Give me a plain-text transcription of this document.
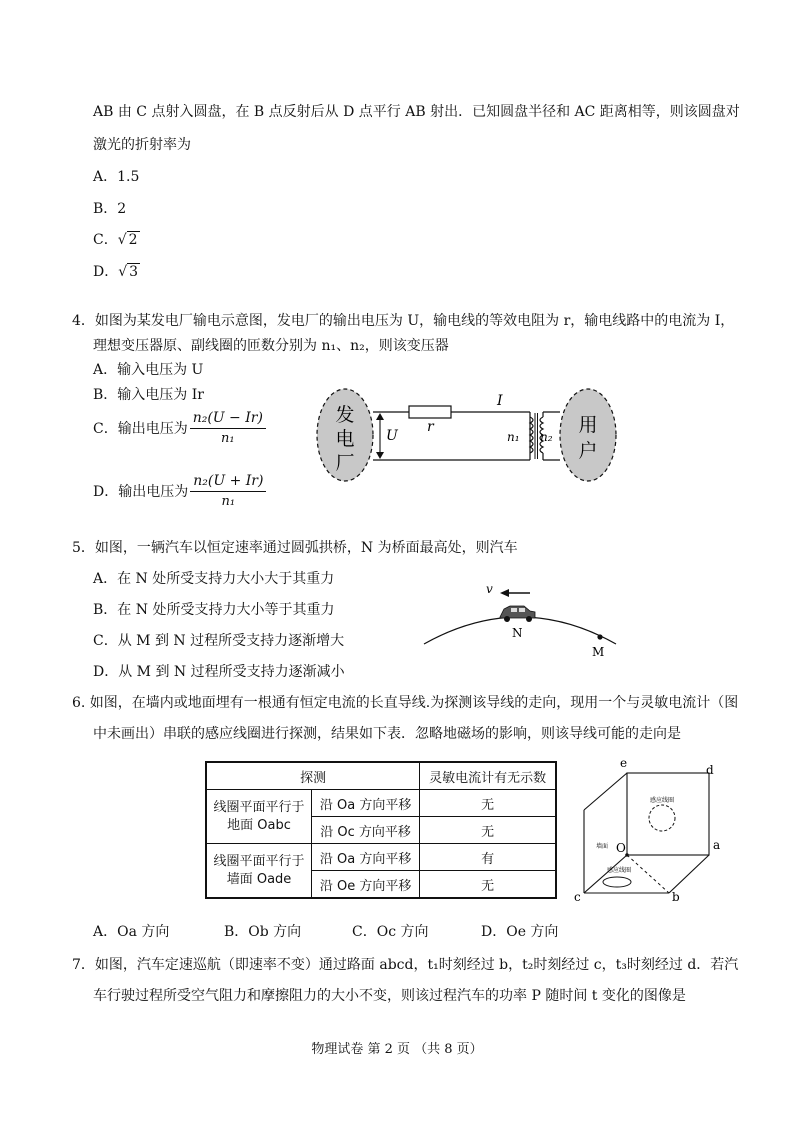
AB 由 C 点射入圆盘，在 B 点反射后从 D 点平行 AB 射出．已知圆盘半径和 AC 距离相等，则该圆盘对
激光的折射率为
A．1.5
B．2
C．√ 2
D．√ 3
4．如图为某发电厂输电示意图，发电厂的输出电压为 U，输电线的等效电阻为 r，输电线路中的电流为 I，
理想变压器原、副线圈的匝数分别为 n₁、n₂，则该变压器
A．输入电压为 U
B．输入电压为 Ir
C．输出电压为 $\frac{\text{n₂(U − Ir)}}{\text{n₁}}$
D．输出电压为 $\frac{\text{n₂(U + Ir)}}{\text{n₁}}$
发
电
厂
用
户
U
r
I
n₁ n₂
5．如图，一辆汽车以恒定速率通过圆弧拱桥，N 为桥面最高处，则汽车
A．在 N 处所受支持力大小大于其重力
B．在 N 处所受支持力大小等于其重力
C．从 M 到 N 过程所受支持力逐渐增大
D．从 M 到 N 过程所受支持力逐渐减小
v
N
M
6. 如图，在墙内或地面埋有一根通有恒定电流的长直导线.为探测该导线的走向，现用一个与灵敏电流计（图
中未画出）串联的感应线圈进行探测，结果如下表．忽略地磁场的影响，则该导线可能的走向是
探测		灵敏电流计有无示数
线圈平面平行于地面 Oabc	沿 Oa 方向平移	无
	沿 Oc 方向平移	无
线圈平面平行于墙面 Oade	沿 Oa 方向平移	有
	沿 Oe 方向平移	无
感应线圈
感应线圈
墙面
e	d
a
b
c
O
A．Oa 方向	B．Ob 方向	C．Oc 方向	D．Oe 方向
7．如图，汽车定速巡航（即速率不变）通过路面 abcd，t₁时刻经过 b，t₂时刻经过 c，t₃时刻经过 d．若汽
车行驶过程所受空气阻力和摩擦阻力的大小不变，则该过程汽车的功率 P 随时间 t 变化的图像是
物理试卷 第 2 页 （共 8 页）
